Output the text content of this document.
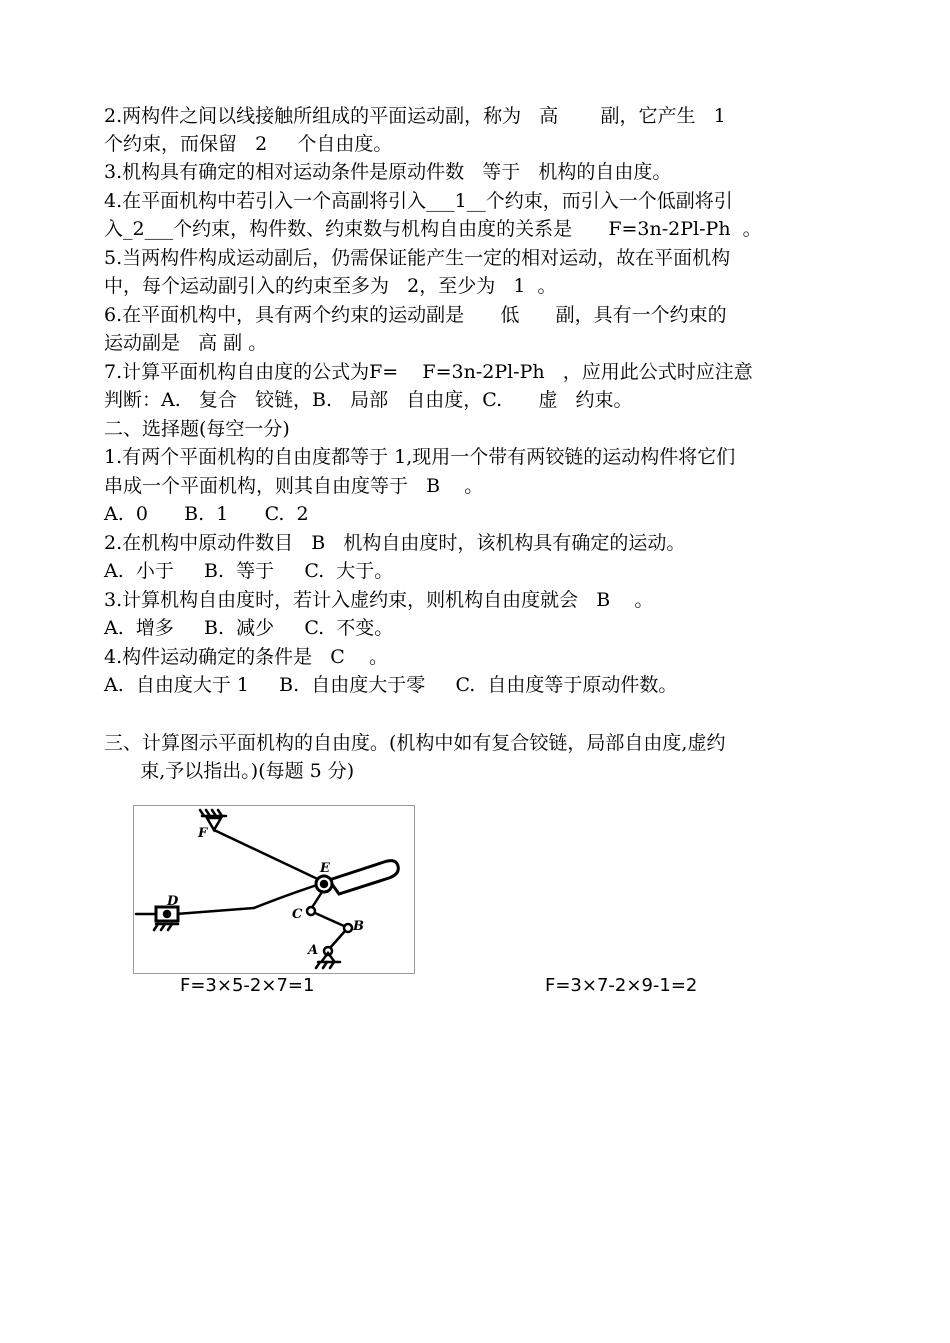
2.两构件之间以线接触所组成的平面运动副，称为   高       副，它产生   1
个约束，而保留   2     个自由度。
3.机构具有确定的相对运动条件是原动件数   等于   机构的自由度。
4.在平面机构中若引入一个高副将引入___1__个约束，而引入一个低副将引
入_2___个约束，构件数、约束数与机构自由度的关系是      F=3n-2Pl-Ph  。
5.当两构件构成运动副后，仍需保证能产生一定的相对运动，故在平面机构
中，每个运动副引入的约束至多为   2，至少为   1  。
6.在平面机构中，具有两个约束的运动副是      低      副，具有一个约束的
运动副是   高 副 。
7.计算平面机构自由度的公式为F=    F=3n-2Pl-Ph   ，应用此公式时应注意
判断：A.   复合   铰链，B.   局部   自由度，C.      虚   约束。
二、选择题(每空一分)
1.有两个平面机构的自由度都等于 1,现用一个带有两铰链的运动构件将它们
串成一个平面机构，则其自由度等于   B    。
A.  0      B.  1      C.  2
2.在机构中原动件数目   B   机构自由度时，该机构具有确定的运动。
A.  小于     B.  等于     C.  大于。
3.计算机构自由度时，若计入虚约束，则机构自由度就会   B    。
A.  增多     B.  减少     C.  不变。
4.构件运动确定的条件是   C    。
A.  自由度大于 1     B.  自由度大于零     C.  自由度等于原动件数。
三、计算图示平面机构的自由度。(机构中如有复合铰链，局部自由度,虚约
束,予以指出。)(每题 5 分)
F
E
D
C
B
A
F=3×5-2×7=1	F=3×7-2×9-1=2
